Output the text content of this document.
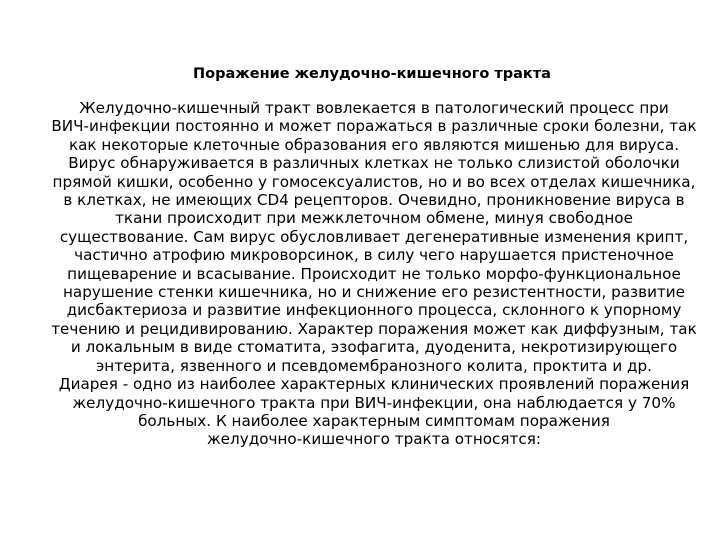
Поражение желудочно-кишечного тракта
Желудочно-кишечный тракт вовлекается в патологический процесс при
ВИЧ-инфекции постоянно и может поражаться в различные сроки болезни, так
как некоторые клеточные образования его являются мишенью для вируса.
Вирус обнаруживается в различных клетках не только слизистой оболочки
прямой кишки, особенно у гомосексуалистов, но и во всех отделах кишечника,
в клетках, не имеющих CD4 рецепторов. Очевидно, проникновение вируса в
ткани происходит при межклеточном обмене, минуя свободное
существование. Сам вирус обусловливает дегенеративные изменения крипт,
частично атрофию микроворсинок, в силу чего нарушается пристеночное
пищеварение и всасывание. Происходит не только морфо-функциональное
нарушение стенки кишечника, но и снижение его резистентности, развитие
дисбактериоза и развитие инфекционного процесса, склонного к упорному
течению и рецидивированию. Характер поражения может как диффузным, так
и локальным в виде стоматита, эзофагита, дуоденита, некротизирующего
энтерита, язвенного и псевдомембранозного колита, проктита и др.
Диарея - одно из наиболее характерных клинических проявлений поражения
желудочно-кишечного тракта при ВИЧ-инфекции, она наблюдается у 70%
больных. К наиболее характерным симптомам поражения
желудочно-кишечного тракта относятся:
